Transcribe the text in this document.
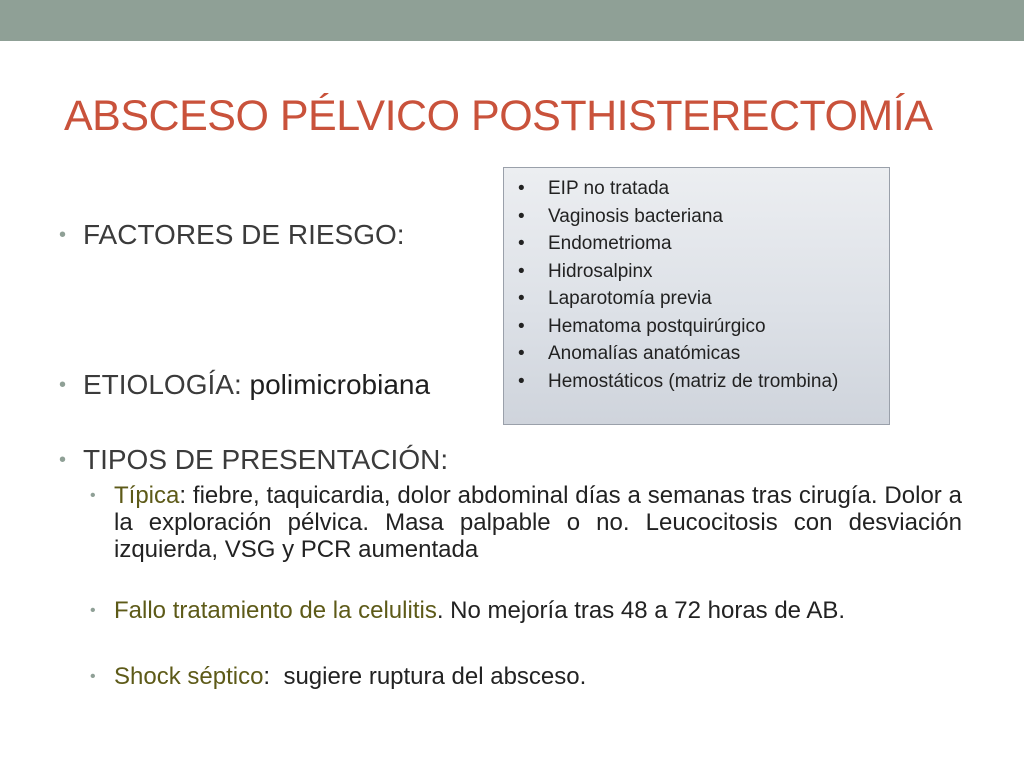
ABSCESO PÉLVICO POSTHISTERECTOMÍA
• FACTORES DE RIESGO:
• ETIOLOGÍA: polimicrobiana
• TIPOS DE PRESENTACIÓN:
• Típica: fiebre, taquicardia, dolor abdominal días a semanas tras cirugía. Dolor a la exploración pélvica. Masa palpable o no. Leucocitosis con desviación izquierda, VSG y PCR aumentada
• Fallo tratamiento de la celulitis. No mejoría tras 48 a 72 horas de AB.
• Shock séptico:  sugiere ruptura del absceso.
• EIP no tratada
• Vaginosis bacteriana
• Endometrioma
• Hidrosalpinx
• Laparotomía previa
• Hematoma postquirúrgico
• Anomalías anatómicas
• Hemostáticos (matriz de trombina)
